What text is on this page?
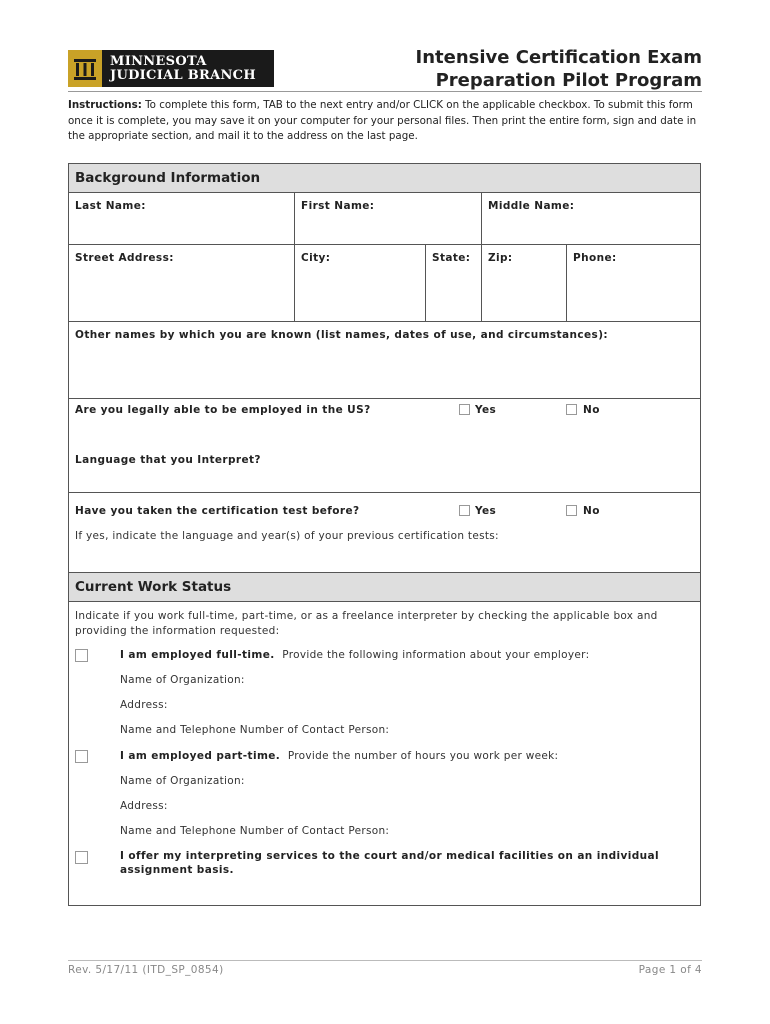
MINNESOTA
JUDICIAL BRANCH
Intensive Certification Exam
Preparation Pilot Program
Instructions: To complete this form, TAB to the next entry and/or CLICK on the applicable checkbox. To submit this form once it is complete, you may save it on your computer for your personal files. Then print the entire form, sign and date in the appropriate section, and mail it to the address on the last page.
Background Information
Last Name:	First Name:	Middle Name:
Street Address:	City:	State:	Zip:	Phone:
Other names by which you are known (list names, dates of use, and circumstances):
Are you legally able to be employed in the US?	Yes	No
Language that you Interpret?
Have you taken the certification test before?	Yes	No
If yes, indicate the language and year(s) of your previous certification tests:
Current Work Status
Indicate if you work full-time, part-time, or as a freelance interpreter by checking the applicable box and providing the information requested:
I am employed full-time. Provide the following information about your employer:
Name of Organization:
Address:
Name and Telephone Number of Contact Person:
I am employed part-time. Provide the number of hours you work per week:
Name of Organization:
Address:
Name and Telephone Number of Contact Person:
I offer my interpreting services to the court and/or medical facilities on an individual assignment basis.
Rev. 5/17/11 (ITD_SP_0854)	Page 1 of 4
